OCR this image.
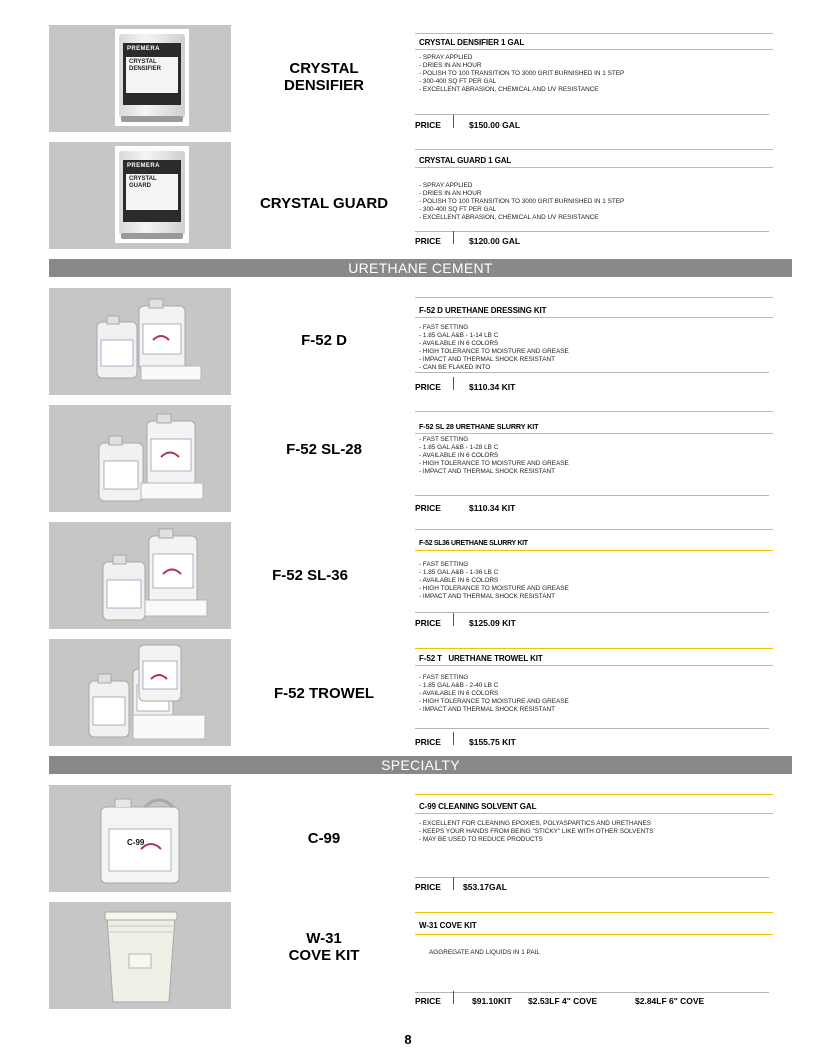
PREMERA
CRYSTAL DENSIFIER	CRYSTAL
DENSIFIER
CRYSTAL DENSIFIER 1 GAL
- SPRAY APPLIED
- DRIES IN AN HOUR
- POLISH TO 100 TRANSITION TO 3000 GRIT BURNISHED IN 1 STEP
- 300-400 SQ FT PER GAL
- EXCELLENT ABRASION, CHEMICAL AND UV RESISTANCE
PRICE	$150.00 GAL
PREMERA
CRYSTAL GUARD
CRYSTAL GUARD
CRYSTAL GUARD 1 GAL
- SPRAY APPLIED
- DRIES IN AN HOUR
- POLISH TO 100 TRANSITION TO 3000 GRIT BURNISHED IN 1 STEP
- 300-400 SQ FT PER GAL
- EXCELLENT ABRASION, CHEMICAL AND UV RESISTANCE
PRICE	$120.00 GAL
URETHANE CEMENT
F-52 D
F-52 D URETHANE DRESSING KIT
- FAST SETTING
- 1.85 GAL A&B - 1-14 LB C
- AVAILABLE IN 6 COLORS
- HIGH TOLERANCE TO MOISTURE AND GREASE
- IMPACT AND THERMAL SHOCK RESISTANT
- CAN BE FLAKED INTO
PRICE	$110.34 KIT
F-52 SL-28
F-52 SL 28 URETHANE SLURRY KIT
- FAST SETTING
- 1.85 GAL A&B - 1-28 LB C
- AVAILABLE IN 6 COLORS
- HIGH TOLERANCE TO MOISTURE AND GREASE
- IMPACT AND THERMAL SHOCK RESISTANT
PRICE	$110.34 KIT
F-52 SL-36
F-52 SL36 URETHANE SLURRY KIT
- FAST SETTING
- 1.85 GAL A&B - 1-36 LB C
- AVAILABLE IN 6 COLORS
- HIGH TOLERANCE TO MOISTURE AND GREASE
- IMPACT AND THERMAL SHOCK RESISTANT
PRICE	$125.09 KIT
F-52 TROWEL
F-52 T   URETHANE TROWEL KIT
- FAST SETTING
- 1.85 GAL A&B - 2-40 LB C
- AVAILABLE IN 6 COLORS
- HIGH TOLERANCE TO MOISTURE AND GREASE
- IMPACT AND THERMAL SHOCK RESISTANT
PRICE	$155.75 KIT
SPECIALTY
C-99	C-99
C-99 CLEANING SOLVENT GAL
- EXCELLENT FOR CLEANING EPOXIES, POLYASPARTICS AND URETHANES
- KEEPS YOUR HANDS FROM BEING "STICKY" LIKE WITH OTHER SOLVENTS
- MAY BE USED TO REDUCE PRODUCTS
PRICE	$53.17GAL
W-31
COVE KIT
W-31 COVE KIT
AGGREGATE AND LIQUIDS IN 1 PAIL
PRICE	$91.10KIT $2.53LF 4" COVE	$2.84LF 6" COVE
8
